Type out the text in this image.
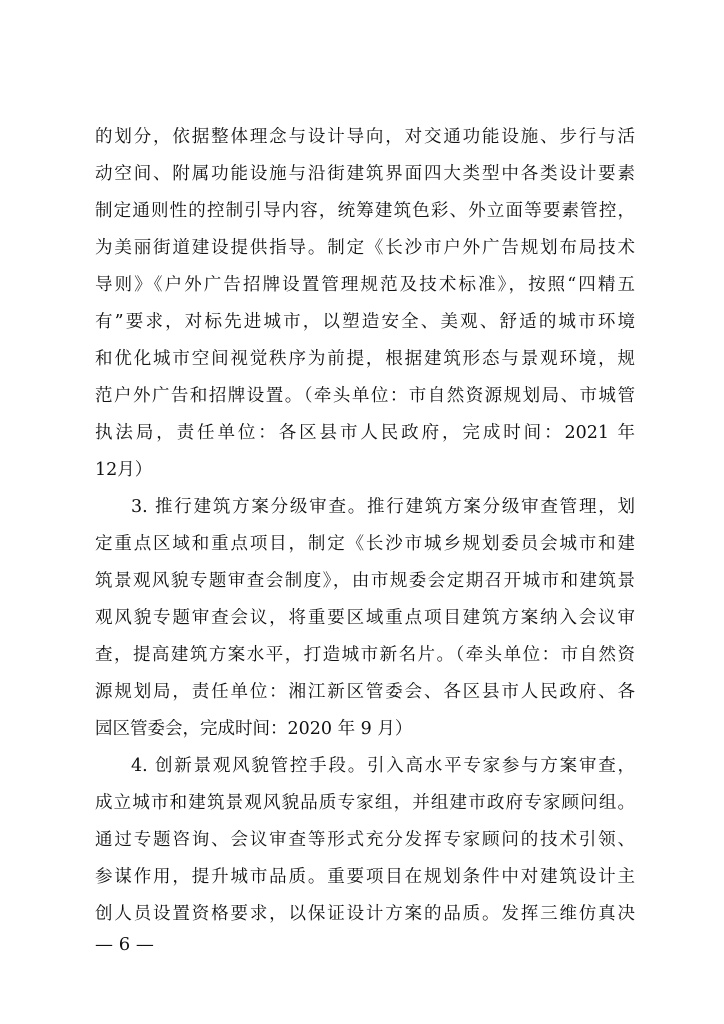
的划分，依据整体理念与设计导向，对交通功能设施、步行与活
动空间、附属功能设施与沿街建筑界面四大类型中各类设计要素
制定通则性的控制引导内容，统筹建筑色彩、外立面等要素管控，
为美丽街道建设提供指导。制定《长沙市户外广告规划布局技术
导则》《户外广告招牌设置管理规范及技术标准》，按照“四精五
有”要求，对标先进城市，以塑造安全、美观、舒适的城市环境
和优化城市空间视觉秩序为前提，根据建筑形态与景观环境，规
范户外广告和招牌设置。（牵头单位：市自然资源规划局、市城管
执法局，责任单位：各区县市人民政府，完成时间：2021 年
12月）
3. 推行建筑方案分级审查。推行建筑方案分级审查管理，划
定重点区域和重点项目，制定《长沙市城乡规划委员会城市和建
筑景观风貌专题审查会制度》，由市规委会定期召开城市和建筑景
观风貌专题审查会议，将重要区域重点项目建筑方案纳入会议审
查，提高建筑方案水平，打造城市新名片。（牵头单位：市自然资
源规划局，责任单位：湘江新区管委会、各区县市人民政府、各
园区管委会，完成时间：2020 年 9 月）
4. 创新景观风貌管控手段。引入高水平专家参与方案审查，
成立城市和建筑景观风貌品质专家组，并组建市政府专家顾问组。
通过专题咨询、会议审查等形式充分发挥专家顾问的技术引领、
参谋作用，提升城市品质。重要项目在规划条件中对建筑设计主
创人员设置资格要求，以保证设计方案的品质。发挥三维仿真决
— 6 —
